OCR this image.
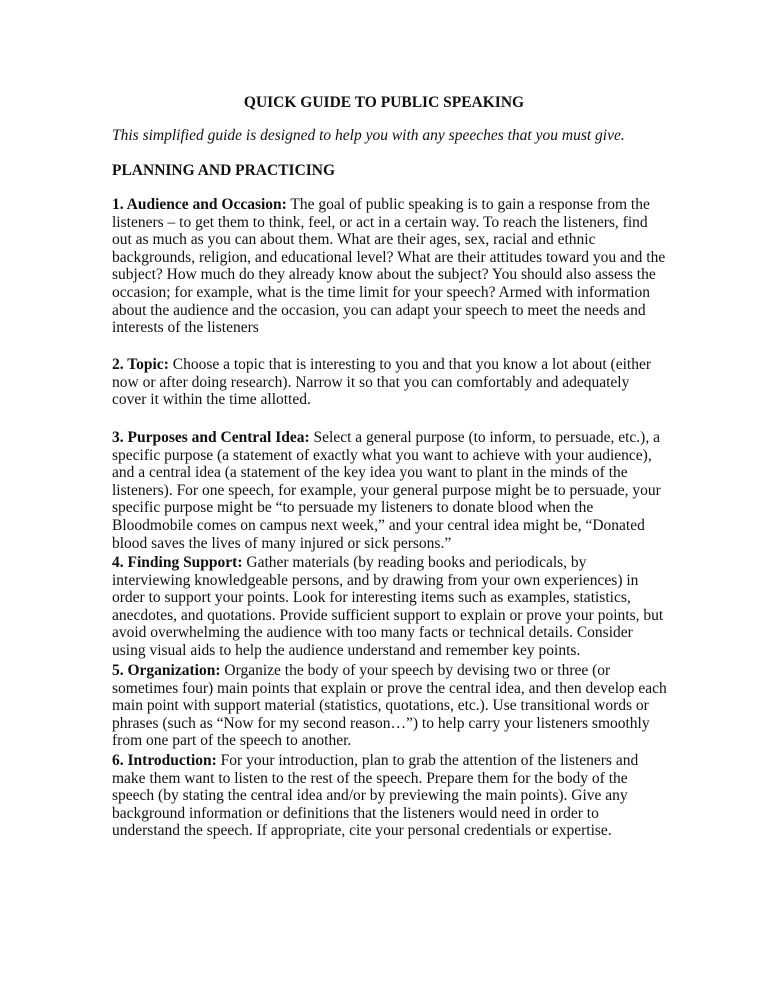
QUICK GUIDE TO PUBLIC SPEAKING
This simplified guide is designed to help you with any speeches that you must give.
PLANNING AND PRACTICING
1. Audience and Occasion: The goal of public speaking is to gain a response from the
listeners – to get them to think, feel, or act in a certain way. To reach the listeners, find
out as much as you can about them. What are their ages, sex, racial and ethnic
backgrounds, religion, and educational level? What are their attitudes toward you and the
subject? How much do they already know about the subject? You should also assess the
occasion; for example, what is the time limit for your speech? Armed with information
about the audience and the occasion, you can adapt your speech to meet the needs and
interests of the listeners
2. Topic: Choose a topic that is interesting to you and that you know a lot about (either
now or after doing research). Narrow it so that you can comfortably and adequately
cover it within the time allotted.
3. Purposes and Central Idea: Select a general purpose (to inform, to persuade, etc.), a
specific purpose (a statement of exactly what you want to achieve with your audience),
and a central idea (a statement of the key idea you want to plant in the minds of the
listeners). For one speech, for example, your general purpose might be to persuade, your
specific purpose might be “to persuade my listeners to donate blood when the
Bloodmobile comes on campus next week,” and your central idea might be, “Donated
blood saves the lives of many injured or sick persons.”
4. Finding Support: Gather materials (by reading books and periodicals, by
interviewing knowledgeable persons, and by drawing from your own experiences) in
order to support your points. Look for interesting items such as examples, statistics,
anecdotes, and quotations. Provide sufficient support to explain or prove your points, but
avoid overwhelming the audience with too many facts or technical details. Consider
using visual aids to help the audience understand and remember key points.
5. Organization: Organize the body of your speech by devising two or three (or
sometimes four) main points that explain or prove the central idea, and then develop each
main point with support material (statistics, quotations, etc.). Use transitional words or
phrases (such as “Now for my second reason…”) to help carry your listeners smoothly
from one part of the speech to another.
6. Introduction: For your introduction, plan to grab the attention of the listeners and
make them want to listen to the rest of the speech. Prepare them for the body of the
speech (by stating the central idea and/or by previewing the main points). Give any
background information or definitions that the listeners would need in order to
understand the speech. If appropriate, cite your personal credentials or expertise.
